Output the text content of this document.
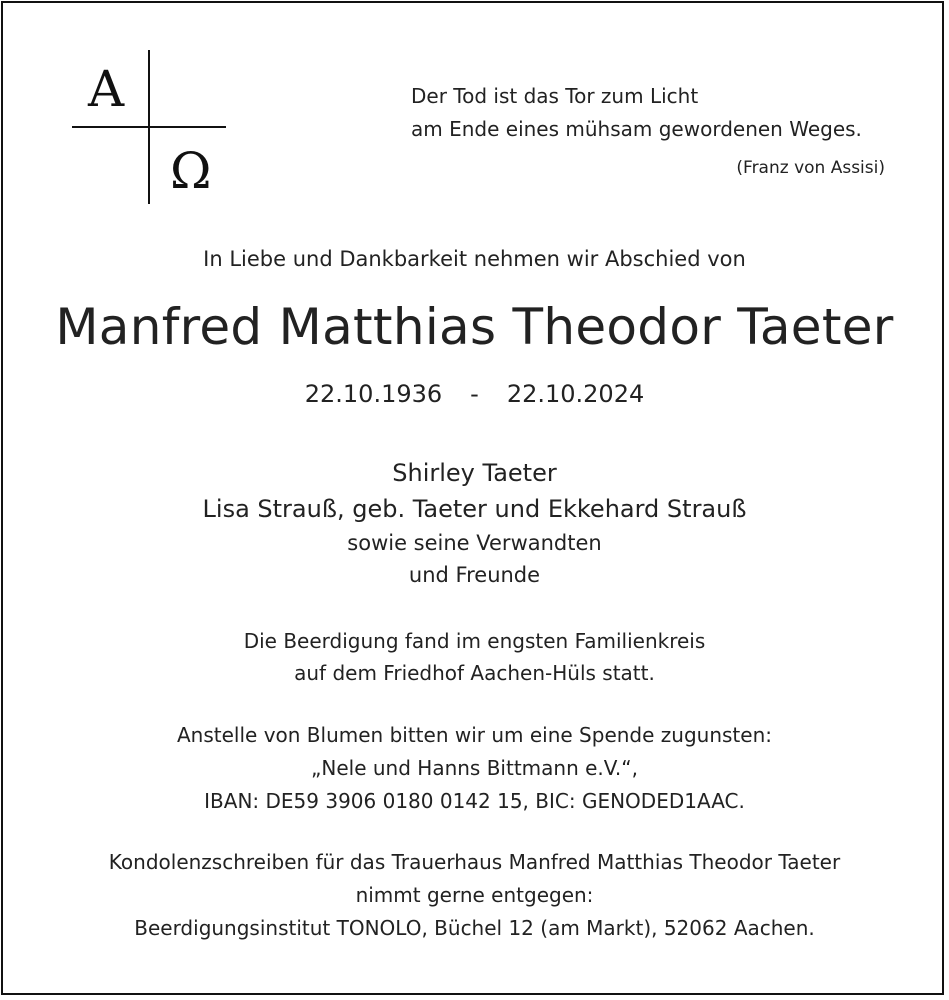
A
Ω
Der Tod ist das Tor zum Licht
am Ende eines mühsam gewordenen Weges.
(Franz von Assisi)
In Liebe und Dankbarkeit nehmen wir Abschied von
Manfred Matthias Theodor Taeter
22.10.1936 - 22.10.2024
Shirley Taeter
Lisa Strauß, geb. Taeter und Ekkehard Strauß
sowie seine Verwandten
und Freunde
Die Beerdigung fand im engsten Familienkreis
auf dem Friedhof Aachen-Hüls statt.
Anstelle von Blumen bitten wir um eine Spende zugunsten:
„Nele und Hanns Bittmann e.V.“,
IBAN: DE59 3906 0180 0142 15, BIC: GENODED1AAC.
Kondolenzschreiben für das Trauerhaus Manfred Matthias Theodor Taeter
nimmt gerne entgegen:
Beerdigungsinstitut TONOLO, Büchel 12 (am Markt), 52062 Aachen.
